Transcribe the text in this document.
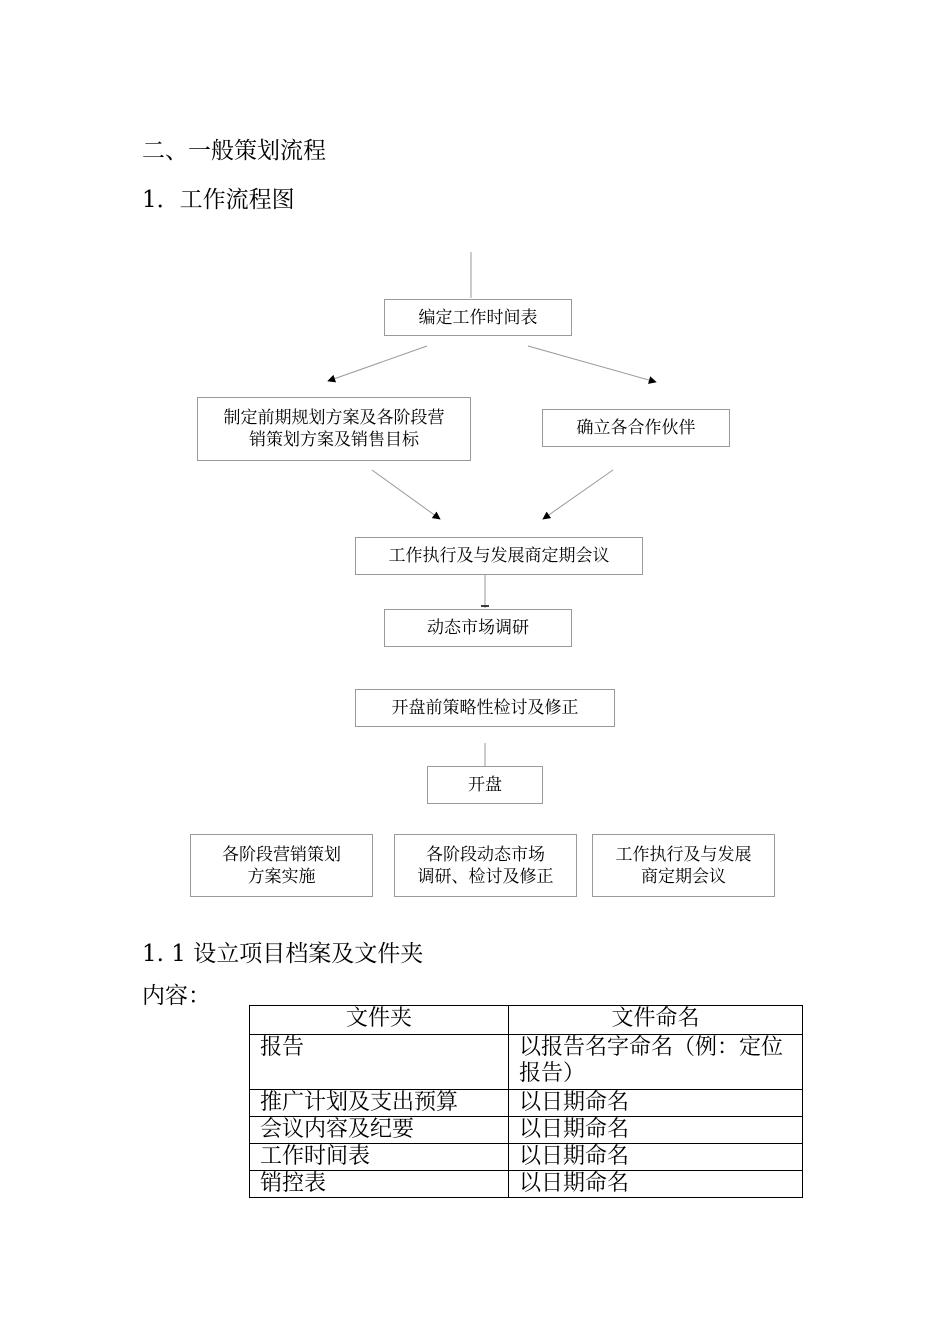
二、一般策划流程
1．工作流程图
编定工作时间表
制定前期规划方案及各阶段营
销策划方案及销售目标
确立各合作伙伴
工作执行及与发展商定期会议
动态市场调研
开盘前策略性检讨及修正
开盘
各阶段营销策划
方案实施
各阶段动态市场
调研、检讨及修正
工作执行及与发展
商定期会议
1. 1 设立项目档案及文件夹
内容：
文件夹	文件命名
报告	以报告名字命名（例：定位报告）
推广计划及支出预算	以日期命名
会议内容及纪要	以日期命名
工作时间表	以日期命名
销控表	以日期命名
